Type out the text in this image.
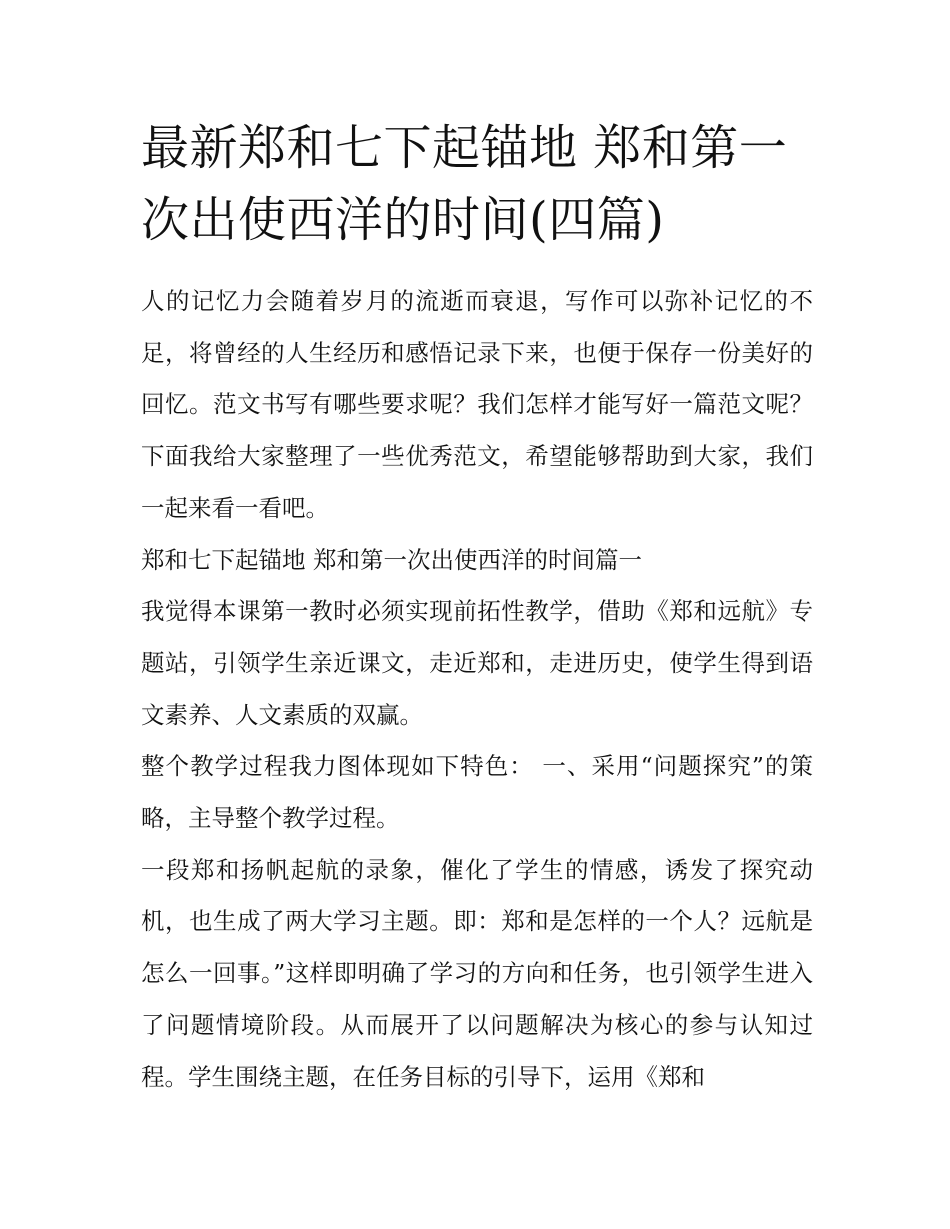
最新郑和七下起锚地 郑和第一次出使西洋的时间(四篇)

人的记忆力会随着岁月的流逝而衰退，写作可以弥补记忆的不足，将曾经的人生经历和感悟记录下来，也便于保存一份美好的回忆。范文书写有哪些要求呢？我们怎样才能写好一篇范文呢？下面我给大家整理了一些优秀范文，希望能够帮助到大家，我们一起来看一看吧。

郑和七下起锚地 郑和第一次出使西洋的时间篇一

我觉得本课第一教时必须实现前拓性教学，借助《郑和远航》专题站，引领学生亲近课文，走近郑和，走进历史，使学生得到语文素养、人文素质的双赢。

整个教学过程我力图体现如下特色： 一、采用“问题探究”的策略，主导整个教学过程。

一段郑和扬帆起航的录象，催化了学生的情感，诱发了探究动机，也生成了两大学习主题。即：郑和是怎样的一个人？远航是怎么一回事。”这样即明确了学习的方向和任务，也引领学生进入了问题情境阶段。从而展开了以问题解决为核心的参与认知过程。学生围绕主题，在任务目标的引导下，运用《郑和
